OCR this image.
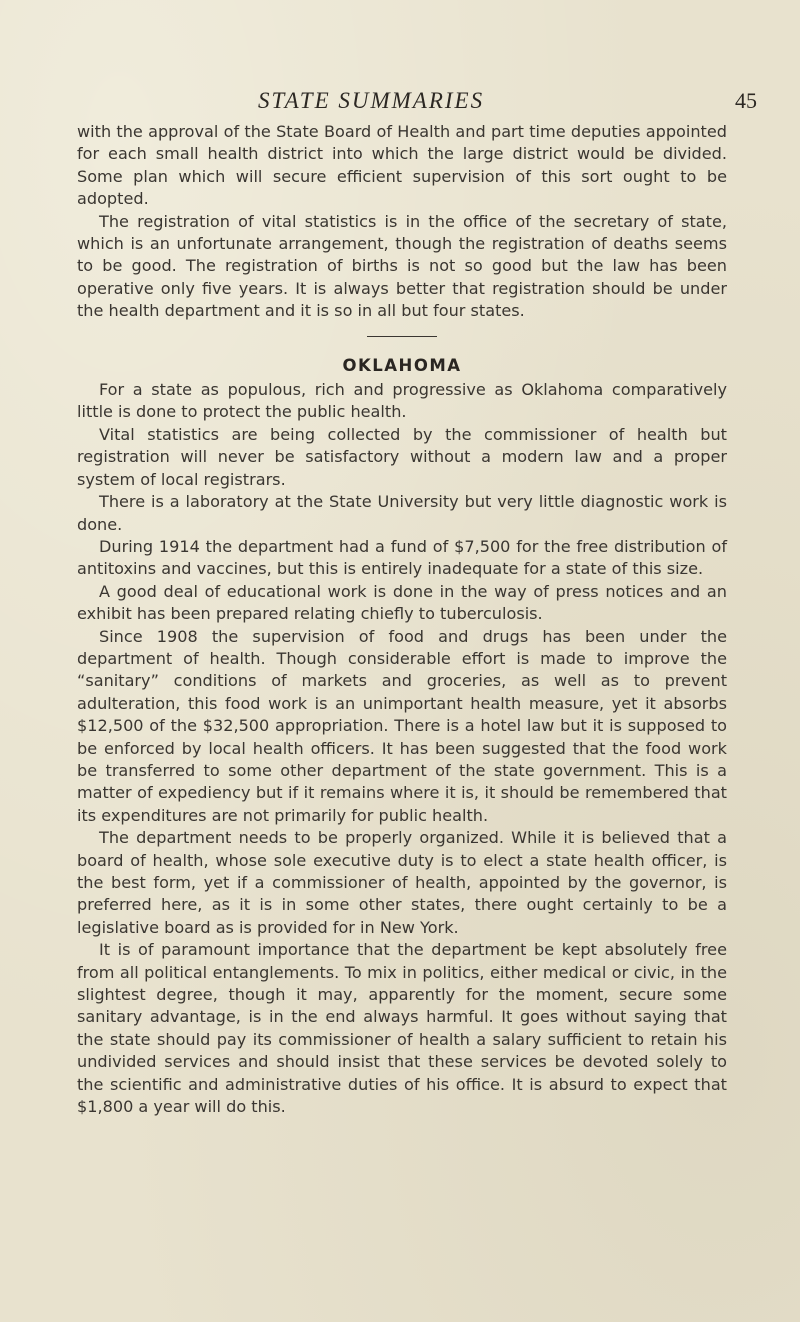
STATE SUMMARIES	45

with the approval of the State Board of Health and part time deputies appointed for each small health district into which the large district would be divided. Some plan which will secure efficient supervision of this sort ought to be adopted.

The registration of vital statistics is in the office of the secretary of state, which is an unfortunate arrangement, though the registration of deaths seems to be good. The registration of births is not so good but the law has been operative only five years. It is always better that registration should be under the health department and it is so in all but four states.

OKLAHOMA

For a state as populous, rich and progressive as Oklahoma comparatively little is done to protect the public health.

Vital statistics are being collected by the commissioner of health but registration will never be satisfactory without a modern law and a proper system of local registrars.

There is a laboratory at the State University but very little diagnostic work is done.

During 1914 the department had a fund of $7,500 for the free distribution of antitoxins and vaccines, but this is entirely inadequate for a state of this size.

A good deal of educational work is done in the way of press notices and an exhibit has been prepared relating chiefly to tuberculosis.

Since 1908 the supervision of food and drugs has been under the department of health. Though considerable effort is made to improve the “sanitary” conditions of markets and groceries, as well as to prevent adulteration, this food work is an unimportant health measure, yet it absorbs $12,500 of the $32,500 appropriation. There is a hotel law but it is supposed to be enforced by local health officers. It has been suggested that the food work be transferred to some other department of the state government. This is a matter of expediency but if it remains where it is, it should be remembered that its expenditures are not primarily for public health.

The department needs to be properly organized. While it is believed that a board of health, whose sole executive duty is to elect a state health officer, is the best form, yet if a commissioner of health, appointed by the governor, is preferred here, as it is in some other states, there ought certainly to be a legislative board as is provided for in New York.

It is of paramount importance that the department be kept absolutely free from all political entanglements. To mix in politics, either medical or civic, in the slightest degree, though it may, apparently for the moment, secure some sanitary advantage, is in the end always harmful. It goes without saying that the state should pay its commissioner of health a salary sufficient to retain his undivided services and should insist that these services be devoted solely to the scientific and administrative duties of his office. It is absurd to expect that $1,800 a year will do this.
